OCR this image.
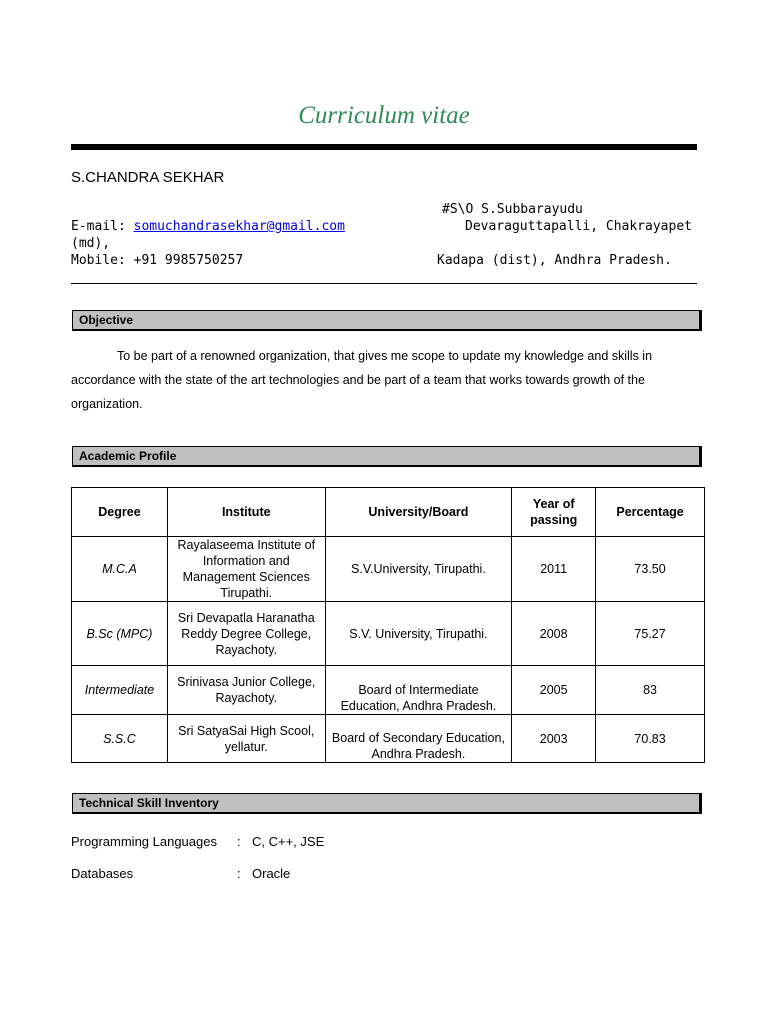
Curriculum vitae
S.CHANDRA SEKHAR
#S\O S.Subbarayudu
E-mail: somuchandrasekhar@gmail.com	Devaraguttapalli, Chakrayapet
(md),
Mobile: +91 9985750257	Kadapa (dist), Andhra Pradesh.
Objective
To be part of a renowned organization, that gives me scope to update my knowledge and skills in accordance with the state of the art technologies and be part of a team that works towards growth of the organization.
Academic Profile
Degree	Institute	University/Board	Year of passing	Percentage
M.C.A	Rayalaseema Institute of Information and Management Sciences Tirupathi.	S.V.University, Tirupathi.	2011	73.50
B.Sc (MPC)	Sri Devapatla Haranatha Reddy Degree College, Rayachoty.	S.V. University, Tirupathi.	2008	75.27
Intermediate	Srinivasa Junior College, Rayachoty.	Board of Intermediate Education, Andhra Pradesh.	2005	83
S.S.C	Sri SatyaSai High Scool, yellatur.	Board of Secondary Education, Andhra Pradesh.	2003	70.83
Technical Skill Inventory
Programming Languages : C, C++, JSE
Databases	: Oracle
